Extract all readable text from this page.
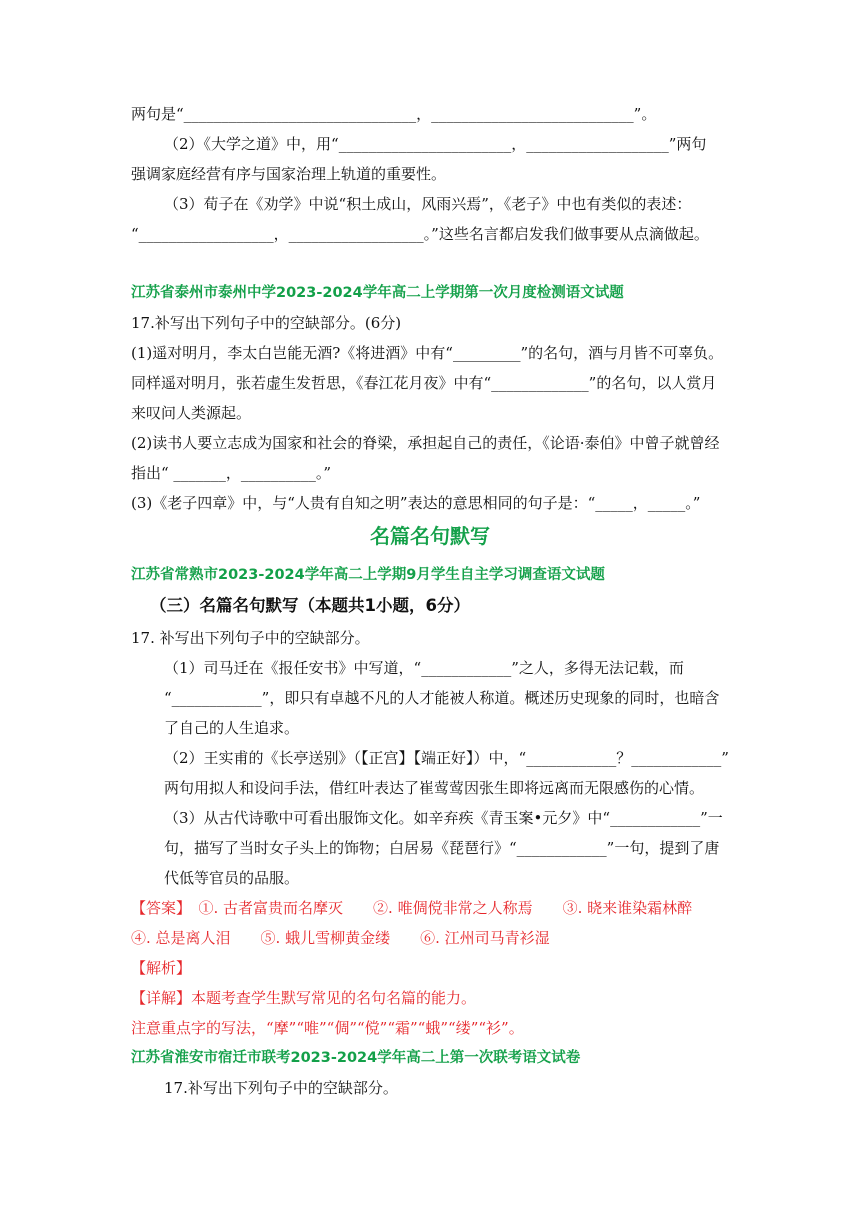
两句是“_______________________________，___________________________”。
（2）《大学之道》中，用“_______________________，___________________”两句
强调家庭经营有序与国家治理上轨道的重要性。
（3）荀子在《劝学》中说“积土成山，风雨兴焉”，《老子》中也有类似的表述：
“__________________，__________________。”这些名言都启发我们做事要从点滴做起。
江苏省泰州市泰州中学2023-2024学年高二上学期第一次月度检测语文试题
17.补写出下列句子中的空缺部分。(6分)
(1)遥对明月，李太白岂能无酒?《将进酒》中有“_________”的名句，酒与月皆不可辜负。
同样遥对明月，张若虚生发哲思，《春江花月夜》中有“_____________”的名句，以人赏月
来叹问人类源起。
(2)读书人要立志成为国家和社会的脊梁，承担起自己的责任，《论语·泰伯》中曾子就曾经
指出“ _______，__________。”
(3)《老子四章》中，与“人贵有自知之明”表达的意思相同的句子是：“_____，_____。”
名篇名句默写
江苏省常熟市2023-2024学年高二上学期9月学生自主学习调查语文试题
（三）名篇名句默写（本题共1小题，6分）
17. 补写出下列句子中的空缺部分。
（1）司马迁在《报任安书》中写道，“____________”之人，多得无法记载，而
“____________”，即只有卓越不凡的人才能被人称道。概述历史现象的同时，也暗含
了自己的人生追求。
（2）王实甫的《长亭送别》（【正宫】【端正好】）中，“____________？____________”
两句用拟人和设问手法，借红叶表达了崔莺莺因张生即将远离而无限感伤的心情。
（3）从古代诗歌中可看出服饰文化。如辛弃疾《青玉案•元夕》中“____________”一
句，描写了当时女子头上的饰物；白居易《琵琶行》“____________”一句，提到了唐
代低等官员的品服。
【答案】　①. 古者富贵而名摩灭　　②. 唯倜傥非常之人称焉　　③. 晓来谁染霜林醉
④. 总是离人泪　　⑤. 蛾儿雪柳黄金缕　　⑥. 江州司马青衫湿
【解析】
【详解】本题考查学生默写常见的名句名篇的能力。
注意重点字的写法，“摩”“唯”“倜”“傥”“霜”“蛾”“缕”“衫”。
江苏省淮安市宿迁市联考2023-2024学年高二上第一次联考语文试卷
17.补写出下列句子中的空缺部分。
